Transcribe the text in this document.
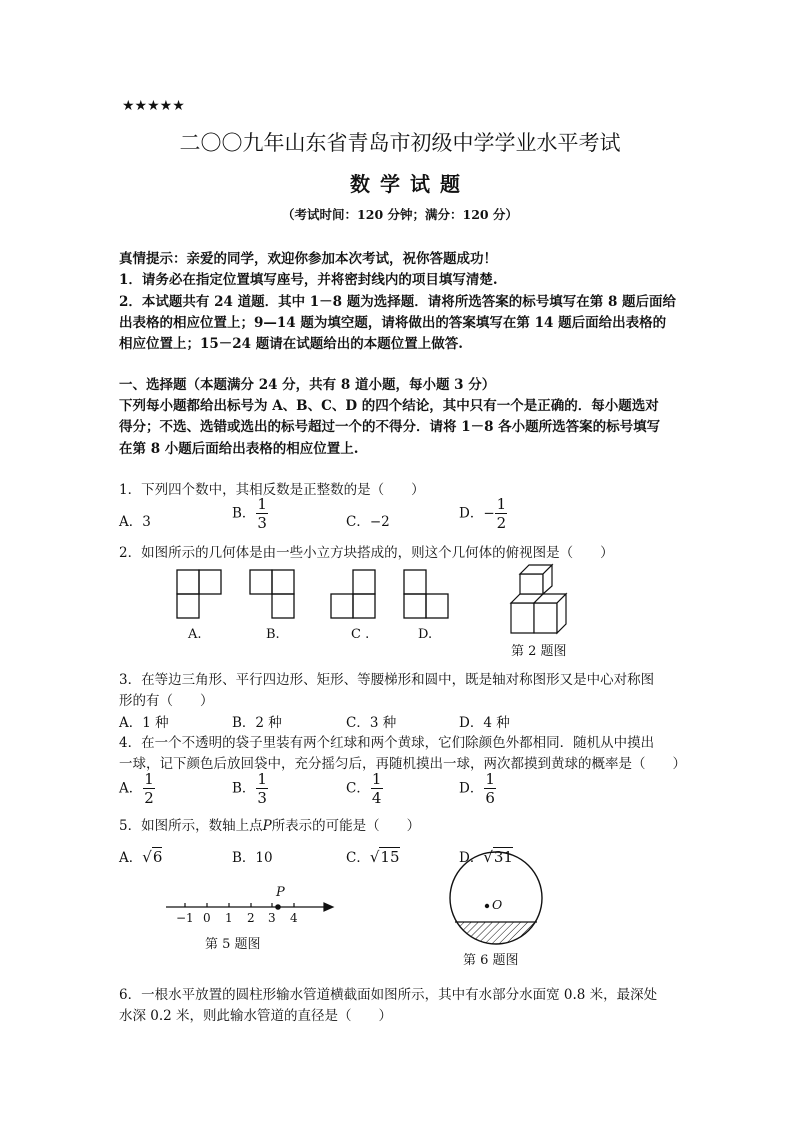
★★★★★
二〇〇九年山东省青岛市初级中学学业水平考试
数学试题
（考试时间：120 分钟；满分：120 分）
真情提示：亲爱的同学，欢迎你参加本次考试，祝你答题成功！
1．请务必在指定位置填写座号，并将密封线内的项目填写清楚.
2．本试题共有 24 道题．其中 1－8 题为选择题．请将所选答案的标号填写在第 8 题后面给
出表格的相应位置上；9—14 题为填空题，请将做出的答案填写在第 14 题后面给出表格的
相应位置上；15－24 题请在试题给出的本题位置上做答.
一、选择题（本题满分 24 分，共有 8 道小题，每小题 3 分）
下列每小题都给出标号为 A、B、C、D 的四个结论，其中只有一个是正确的．每小题选对
得分；不选、选错或选出的标号超过一个的不得分．请将 1－8 各小题所选答案的标号填写
在第 8 小题后面给出表格的相应位置上.
1．下列四个数中，其相反数是正整数的是（　　）
A．3
B． $\frac{1}{3}$	C．−2
D．− $\frac{1}{2}$
2．如图所示的几何体是由一些小立方块搭成的，则这个几何体的俯视图是（　　）
A.	B.	C .	D.
第 2 题图
3．在等边三角形、平行四边形、矩形、等腰梯形和圆中，既是轴对称图形又是中心对称图
形的有（　　）
A．1 种	B．2 种	C．3 种	D．4 种
4．在一个不透明的袋子里装有两个红球和两个黄球，它们除颜色外都相同．随机从中摸出
一球，记下颜色后放回袋中，充分摇匀后，再随机摸出一球，两次都摸到黄球的概率是（　　）
A． $\frac{1}{2}$	B． $\frac{1}{3}$	C． $\frac{1}{4}$	D． $\frac{1}{6}$
5．如图所示，数轴上点P所表示的可能是（　　）
A．√6	B．10	C．√15	D．√31
−1 0 1 2 3 4
P
第 5 题图
O
第 6 题图
6．一根水平放置的圆柱形输水管道横截面如图所示，其中有水部分水面宽 0.8 米，最深处
水深 0.2 米，则此输水管道的直径是（　　）
